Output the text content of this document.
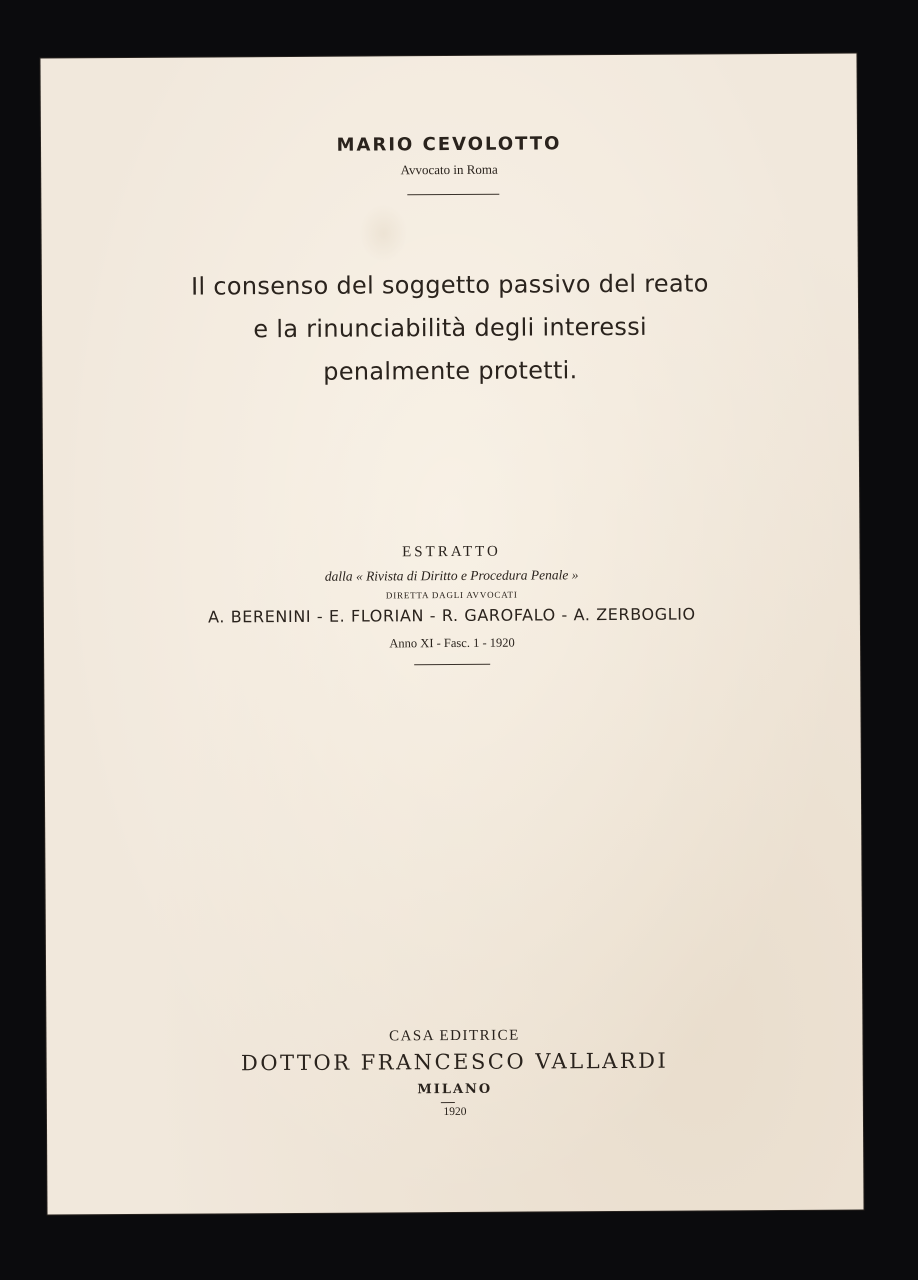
MARIO CEVOLOTTO
Avvocato in Roma
Il consenso del soggetto passivo del reato
e la rinunciabilità degli interessi
penalmente protetti.
ESTRATTO
dalla « Rivista di Diritto e Procedura Penale »
DIRETTA DAGLI AVVOCATI
A. BERENINI - E. FLORIAN - R. GAROFALO - A. ZERBOGLIO
Anno XI - Fasc. 1 - 1920
CASA EDITRICE
DOTTOR FRANCESCO VALLARDI
MILANO
1920
